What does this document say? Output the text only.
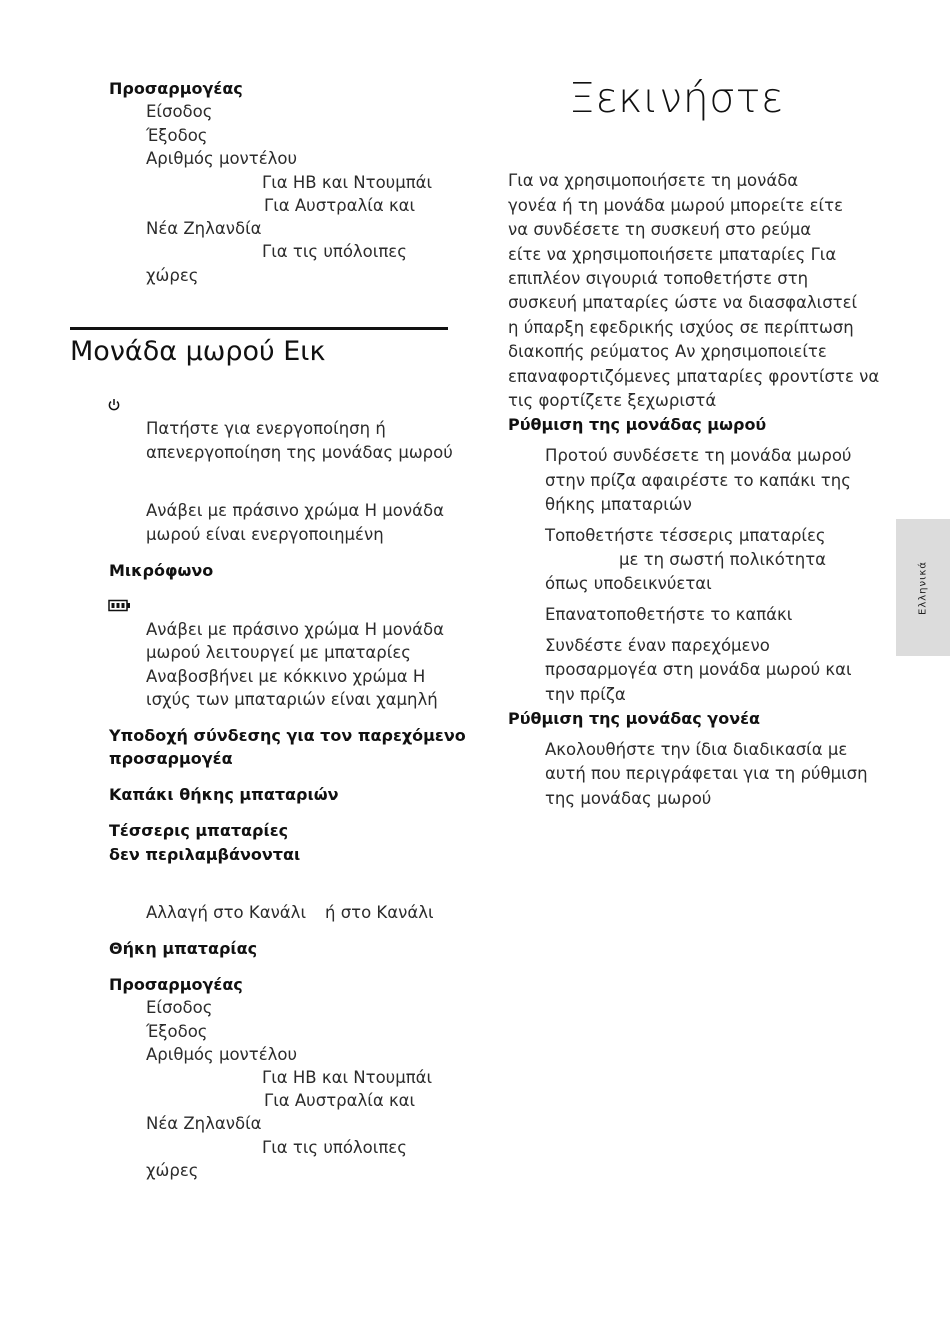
Προσαρμογέας
Είσοδος
Έξοδος
Αριθμός μοντέλου
Για ΗΒ και Ντουμπάι
Για Αυστραλία και
Νέα Ζηλανδία
Για τις υπόλοιπες
χώρες
Μονάδα μωρού Εικ
Πατήστε για ενεργοποίηση ή
απενεργοποίηση της μονάδας μωρού
Ανάβει με πράσινο χρώμα Η μονάδα
μωρού είναι ενεργοποιημένη
Μικρόφωνο
Ανάβει με πράσινο χρώμα Η μονάδα
μωρού λειτουργεί με μπαταρίες
Αναβοσβήνει με κόκκινο χρώμα Η
ισχύς των μπαταριών είναι χαμηλή
Υποδοχή σύνδεσης για τον παρεχόμενο
προσαρμογέα
Καπάκι θήκης μπαταριών
Τέσσερις μπαταρίες
δεν περιλαμβάνονται
Αλλαγή στο Κανάλι ή στο Κανάλι
Θήκη μπαταρίας
Προσαρμογέας
Είσοδος
Έξοδος
Αριθμός μοντέλου
Για ΗΒ και Ντουμπάι
Για Αυστραλία και
Νέα Ζηλανδία
Για τις υπόλοιπες
χώρες
Ξεκινήστε
Για να χρησιμοποιήσετε τη μονάδα
γονέα ή τη μονάδα μωρού μπορείτε είτε
να συνδέσετε τη συσκευή στο ρεύμα
είτε να χρησιμοποιήσετε μπαταρίες Για
επιπλέον σιγουριά τοποθετήστε στη
συσκευή μπαταρίες ώστε να διασφαλιστεί
η ύπαρξη εφεδρικής ισχύος σε περίπτωση
διακοπής ρεύματος Αν χρησιμοποιείτε
επαναφορτιζόμενες μπαταρίες φροντίστε να
τις φορτίζετε ξεχωριστά
Ρύθμιση της μονάδας μωρού
Προτού συνδέσετε τη μονάδα μωρού
στην πρίζα αφαιρέστε το καπάκι της
θήκης μπαταριών
Τοποθετήστε τέσσερις μπαταρίες
με τη σωστή πολικότητα
όπως υποδεικνύεται
Επανατοποθετήστε το καπάκι
Συνδέστε έναν παρεχόμενο
προσαρμογέα στη μονάδα μωρού και
την πρίζα
Ρύθμιση της μονάδας γονέα
Ακολουθήστε την ίδια διαδικασία με
αυτή που περιγράφεται για τη ρύθμιση
της μονάδας μωρού
Ελληνικά
